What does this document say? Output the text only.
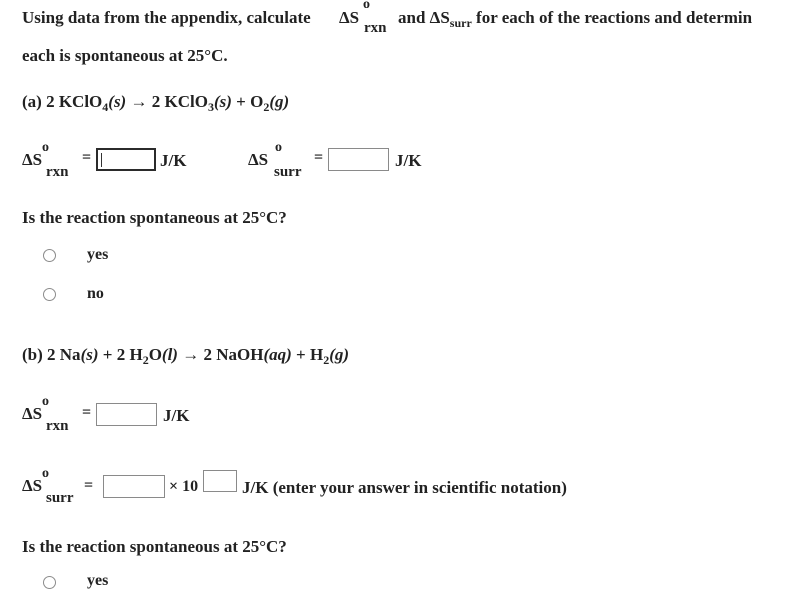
Using data from the appendix, calculate ΔS
o
rxn
and $\Delta S_{surr}$ for each of the reactions and determin
each is spontaneous at 25°C.
(a) 2 KClO$_4$(s) → 2 KClO$_3$(s) + $O_2(g)$
ΔS
o
rxn
=	J/K	ΔS
o
surr
=	J/K
Is the reaction spontaneous at 25°C?
yes
no
(b) 2 Na(s) + 2 $H_2O(l) \to 2$ NaOH(aq) + $H_2(g)$
ΔS
o
rxn
=	J/K
ΔS
o
surr
=	× 10	J/K (enter your answer in scientific notation)
Is the reaction spontaneous at 25°C?
yes
